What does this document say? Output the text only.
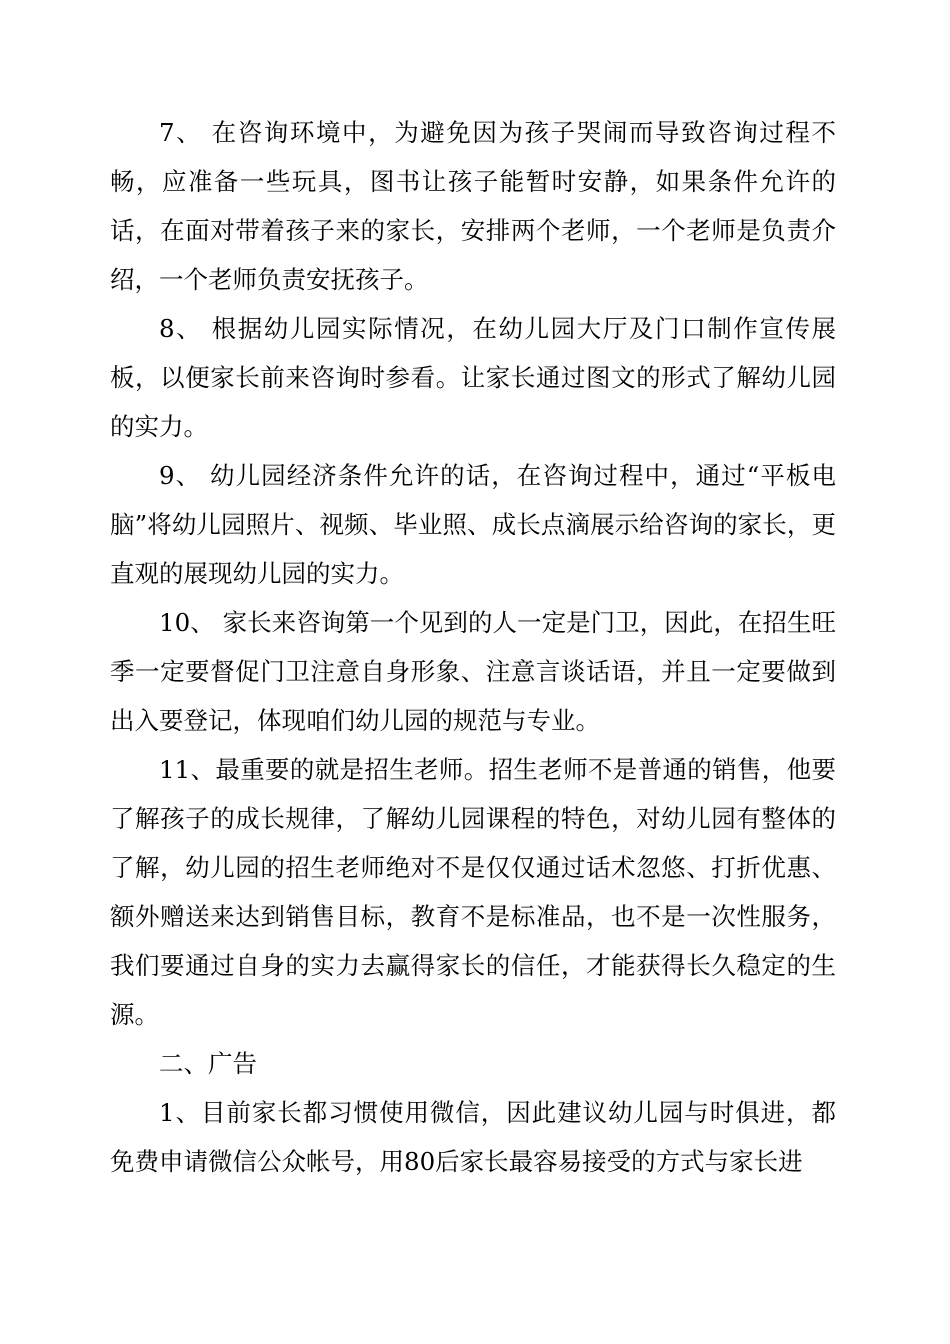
7、 在咨询环境中，为避免因为孩子哭闹而导致咨询过程不畅，应准备一些玩具，图书让孩子能暂时安静，如果条件允许的话，在面对带着孩子来的家长，安排两个老师，一个老师是负责介绍，一个老师负责安抚孩子。

8、 根据幼儿园实际情况，在幼儿园大厅及门口制作宣传展板，以便家长前来咨询时参看。让家长通过图文的形式了解幼儿园的实力。

9、 幼儿园经济条件允许的话，在咨询过程中，通过“平板电脑”将幼儿园照片、视频、毕业照、成长点滴展示给咨询的家长，更直观的展现幼儿园的实力。

10、 家长来咨询第一个见到的人一定是门卫，因此，在招生旺季一定要督促门卫注意自身形象、注意言谈话语，并且一定要做到出入要登记，体现咱们幼儿园的规范与专业。

11、最重要的就是招生老师。招生老师不是普通的销售，他要了解孩子的成长规律，了解幼儿园课程的特色，对幼儿园有整体的了解，幼儿园的招生老师绝对不是仅仅通过话术忽悠、打折优惠、额外赠送来达到销售目标，教育不是标准品，也不是一次性服务，我们要通过自身的实力去赢得家长的信任，才能获得长久稳定的生源。

二、广告

1、目前家长都习惯使用微信，因此建议幼儿园与时俱进，都免费申请微信公众帐号，用80后家长最容易接受的方式与家长进
